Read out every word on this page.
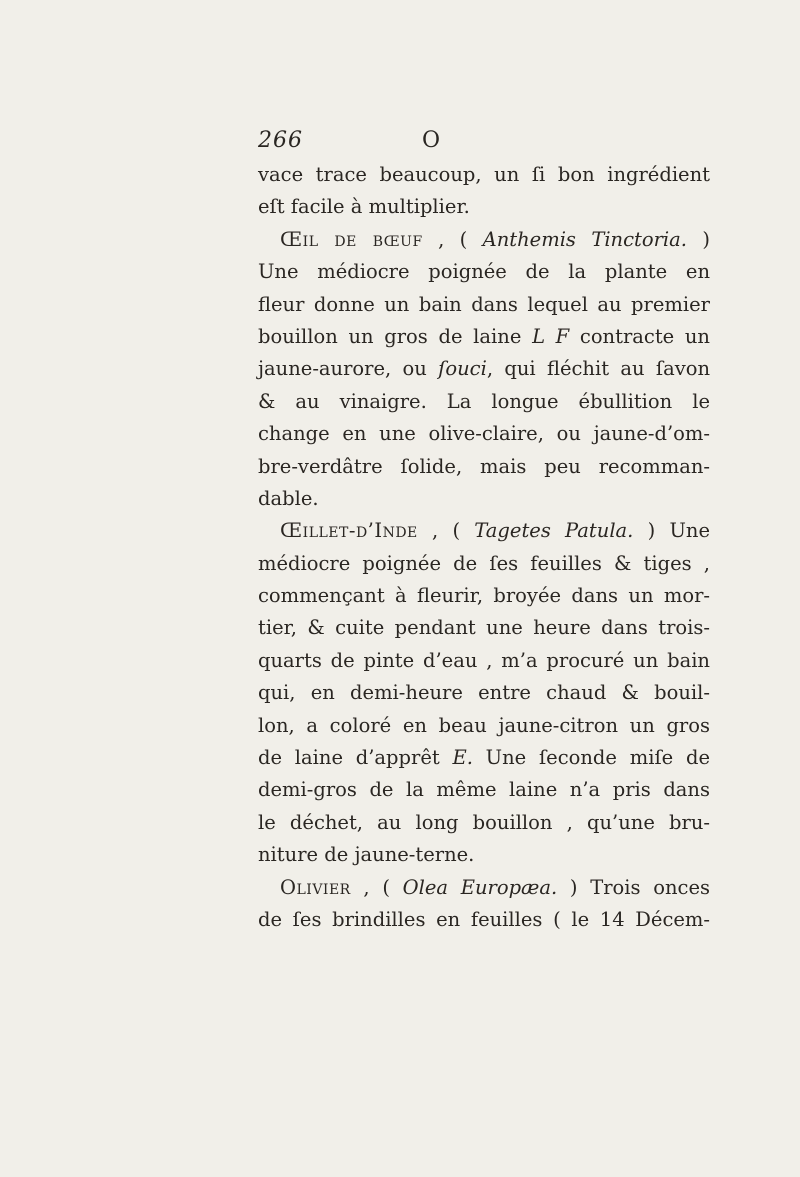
266	O
vace trace beaucoup, un ſi bon ingrédient
eſt facile à multiplier.
Œil de bœuf , ( Anthemis Tinctoria. )
Une médiocre poignée de la plante en
fleur donne un bain dans lequel au premier
bouillon un gros de laine L F contracte un
jaune-aurore, ou ſouci, qui fléchit au ſavon
& au vinaigre. La longue ébullition le
change en une olive-claire, ou jaune-d’om-
bre-verdâtre ſolide, mais peu recomman-
dable.
Œillet-d’Inde , ( Tagetes Patula. ) Une
médiocre poignée de ſes feuilles & tiges ,
commençant à fleurir, broyée dans un mor-
tier, & cuite pendant une heure dans trois-
quarts de pinte d’eau , m’a procuré un bain
qui, en demi-heure entre chaud & bouil-
lon, a coloré en beau jaune-citron un gros
de laine d’apprêt E. Une ſeconde miſe de
demi-gros de la même laine n’a pris dans
le déchet, au long bouillon , qu’une bru-
niture de jaune-terne.
Olivier , ( Olea Europæa. ) Trois onces
de ſes brindilles en feuilles ( le 14 Décem-
